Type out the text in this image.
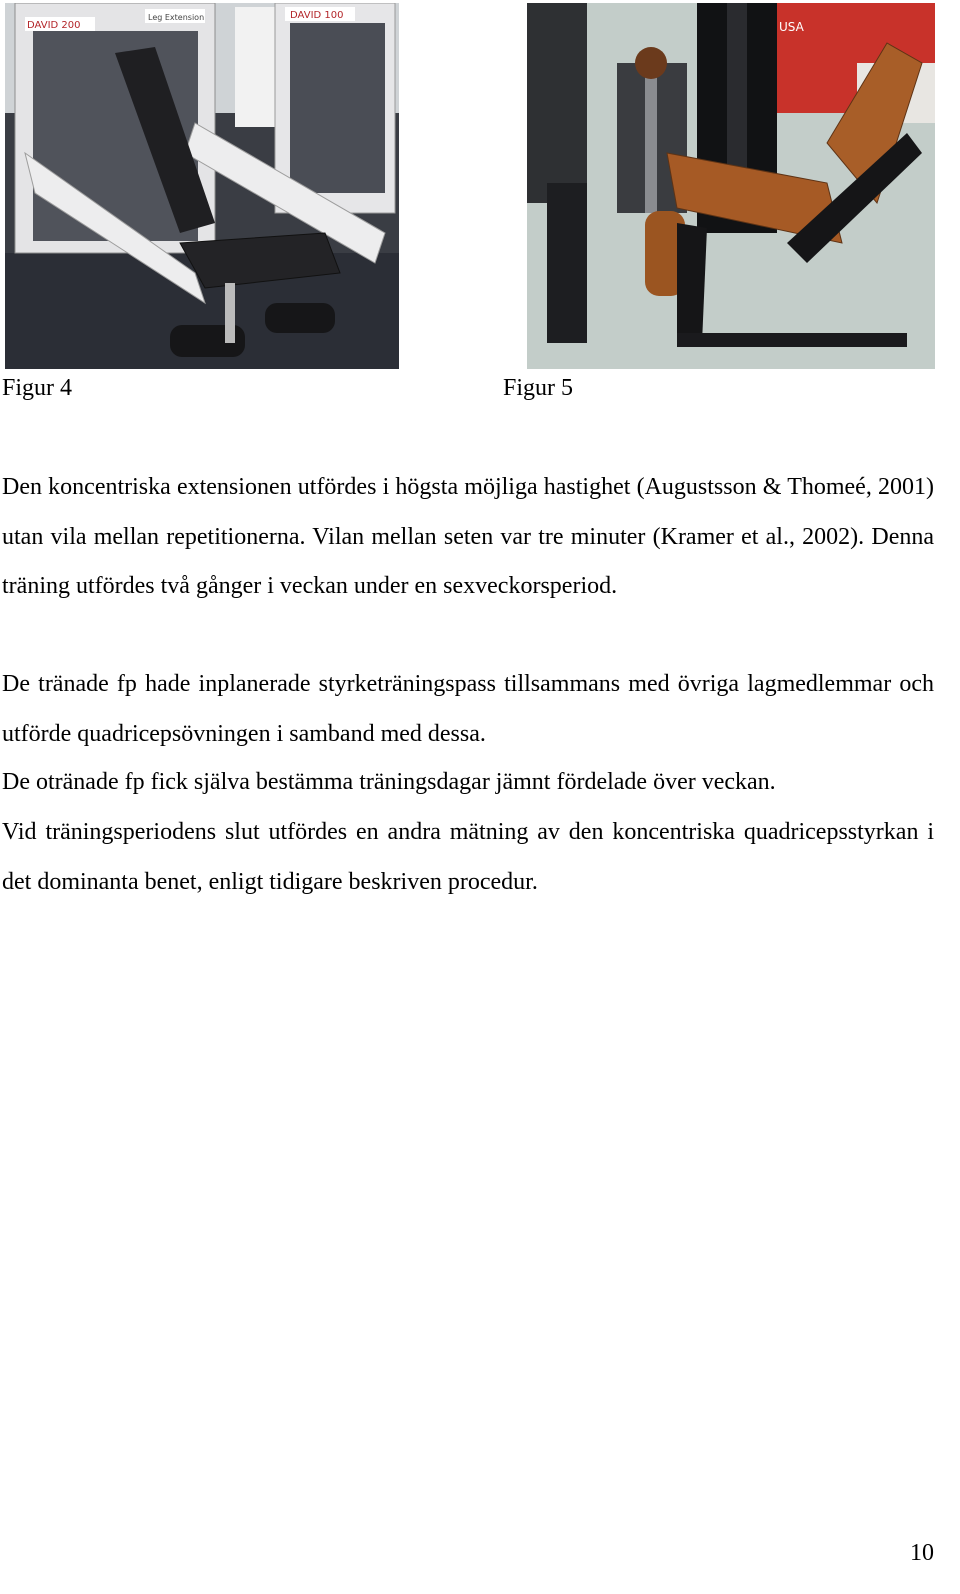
DAVID 100
DAVID 200
Leg Extension
USA
Figur 4	Figur 5

Den koncentriska extensionen utfördes i högsta möjliga hastighet (Augustsson & Thomeé, 2001) utan vila mellan repetitionerna. Vilan mellan seten var tre minuter (Kramer et al., 2002). Denna träning utfördes två gånger i veckan under en sexveckorsperiod.

De tränade fp hade inplanerade styrketräningspass tillsammans med övriga lagmedlemmar och utförde quadricepsövningen i samband med dessa.

De otränade fp fick själva bestämma träningsdagar jämnt fördelade över veckan.

Vid träningsperiodens slut utfördes en andra mätning av den koncentriska quadricepsstyrkan i det dominanta benet, enligt tidigare beskriven procedur.

10
